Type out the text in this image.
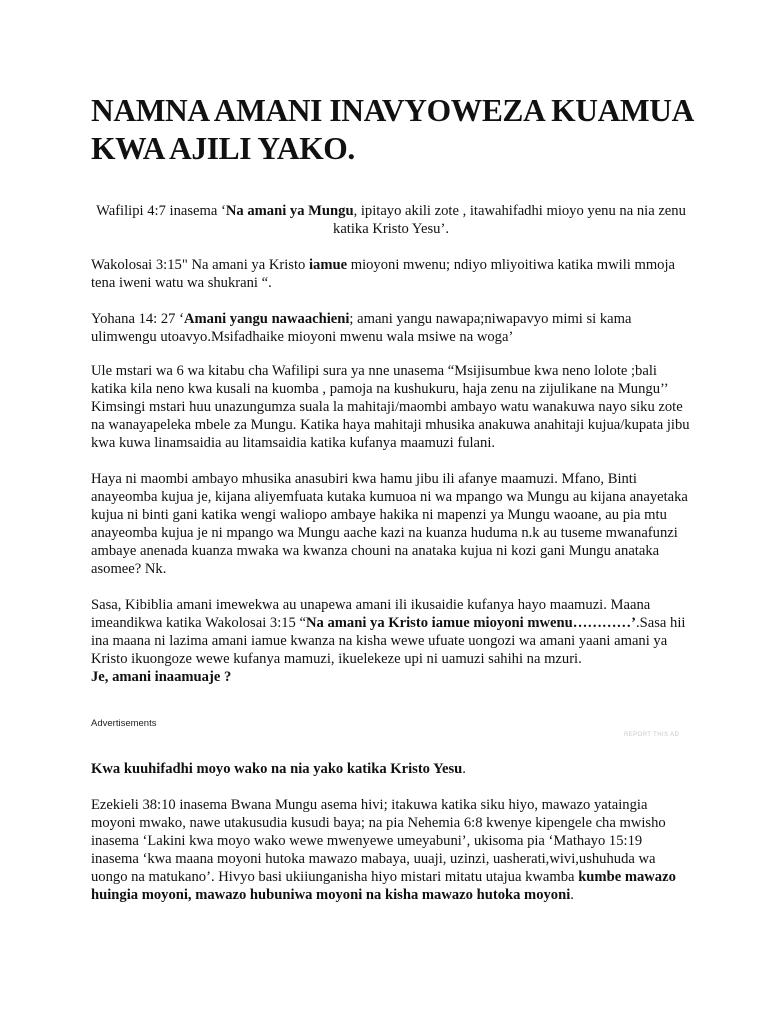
NAMNA AMANI INAVYOWEZA KUAMUA KWA AJILI YAKO.

Wafilipi 4:7 inasema ‘Na amani ya Mungu, ipitayo akili zote , itawahifadhi mioyo yenu na nia zenu katika Kristo Yesu’.

Wakolosai 3:15" Na amani ya Kristo iamue mioyoni mwenu; ndiyo mliyoitiwa katika mwili mmoja tena iweni watu wa shukrani “.

Yohana 14: 27 ‘Amani yangu nawaachieni; amani yangu nawapa;niwapavyo mimi si kama ulimwengu utoavyo.Msifadhaike mioyoni mwenu wala msiwe na woga’

Ule mstari wa 6 wa kitabu cha Wafilipi sura ya nne unasema “Msijisumbue kwa neno lolote ;bali katika kila neno kwa kusali na kuomba , pamoja na kushukuru, haja zenu na zijulikane na Mungu’’ Kimsingi mstari huu unazungumza suala la mahitaji/maombi ambayo watu wanakuwa nayo siku zote na wanayapeleka mbele za Mungu. Katika haya mahitaji mhusika anakuwa anahitaji kujua/kupata jibu kwa kuwa linamsaidia au litamsaidia katika kufanya maamuzi fulani.

Haya ni maombi ambayo mhusika anasubiri kwa hamu jibu ili afanye maamuzi. Mfano, Binti anayeomba kujua je, kijana aliyemfuata kutaka kumuoa ni wa mpango wa Mungu au kijana anayetaka kujua ni binti gani katika wengi waliopo ambaye hakika ni mapenzi ya Mungu waoane, au pia mtu anayeomba kujua je ni mpango wa Mungu aache kazi na kuanza huduma n.k au tuseme mwanafunzi ambaye anenada kuanza mwaka wa kwanza chouni na anataka kujua ni kozi gani Mungu anataka asomee? Nk.

Sasa, Kibiblia amani imewekwa au unapewa amani ili ikusaidie kufanya hayo maamuzi. Maana imeandikwa katika Wakolosai 3:15 “Na amani ya Kristo iamue mioyoni mwenu…………’.Sasa hii ina maana ni lazima amani iamue kwanza na kisha wewe ufuate uongozi wa amani yaani amani ya Kristo ikuongoze wewe kufanya mamuzi, ikuelekeze upi ni uamuzi sahihi na mzuri.
Je, amani inaamuaje ?

Advertisements

REPORT THIS AD

Kwa kuuhifadhi moyo wako na nia yako katika Kristo Yesu.

Ezekieli 38:10 inasema Bwana Mungu asema hivi; itakuwa katika siku hiyo, mawazo yataingia moyoni mwako, nawe utakusudia kusudi baya; na pia Nehemia 6:8 kwenye kipengele cha mwisho inasema ‘Lakini kwa moyo wako wewe mwenyewe umeyabuni’, ukisoma pia ‘Mathayo 15:19 inasema ‘kwa maana moyoni hutoka mawazo mabaya, uuaji, uzinzi, uasherati,wivi,ushuhuda wa uongo na matukano’. Hivyo basi ukiiunganisha hiyo mistari mitatu utajua kwamba kumbe mawazo huingia moyoni, mawazo hubuniwa moyoni na kisha mawazo hutoka moyoni.
